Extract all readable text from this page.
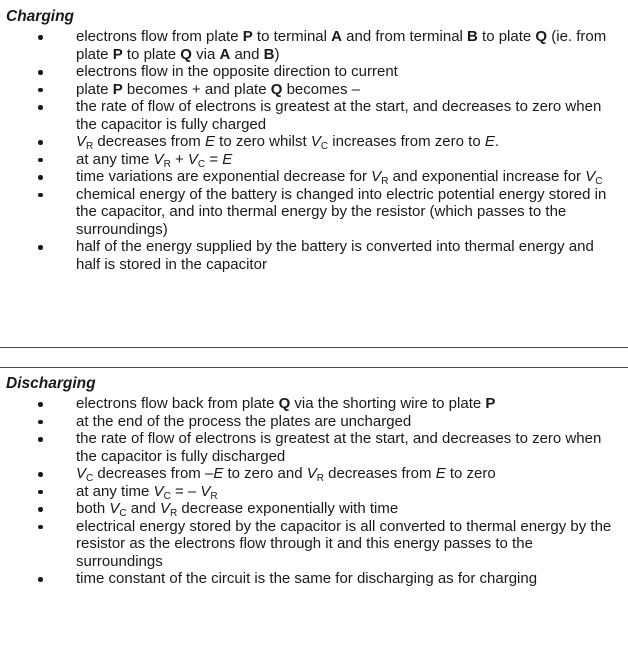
Charging
electrons flow from plate P to terminal A and from terminal B to plate Q (ie. from plate P to plate Q via A and B)
electrons flow in the opposite direction to current
plate P becomes + and plate Q becomes –
the rate of flow of electrons is greatest at the start, and decreases to zero when the capacitor is fully charged
$V_R$ decreases from E to zero whilst $V_C$ increases from zero to E.
at any time $V_R + V_C = E$
time variations are exponential decrease for $V_R$ and exponential increase for $V_C$
chemical energy of the battery is changed into electric potential energy stored in the capacitor, and into thermal energy by the resistor (which passes to the surroundings)
half of the energy supplied by the battery is converted into thermal energy and half is stored in the capacitor
Discharging
electrons flow back from plate Q via the shorting wire to plate P
at the end of the process the plates are uncharged
the rate of flow of electrons is greatest at the start, and decreases to zero when the capacitor is fully discharged
$V_C$ decreases from –E to zero and $V_R$ decreases from E to zero
at any time $V_C$ = – $V_R$
both $V_C$ and $V_R$ decrease exponentially with time
electrical energy stored by the capacitor is all converted to thermal energy by the resistor as the electrons flow through it and this energy passes to the surroundings
time constant of the circuit is the same for discharging as for charging
